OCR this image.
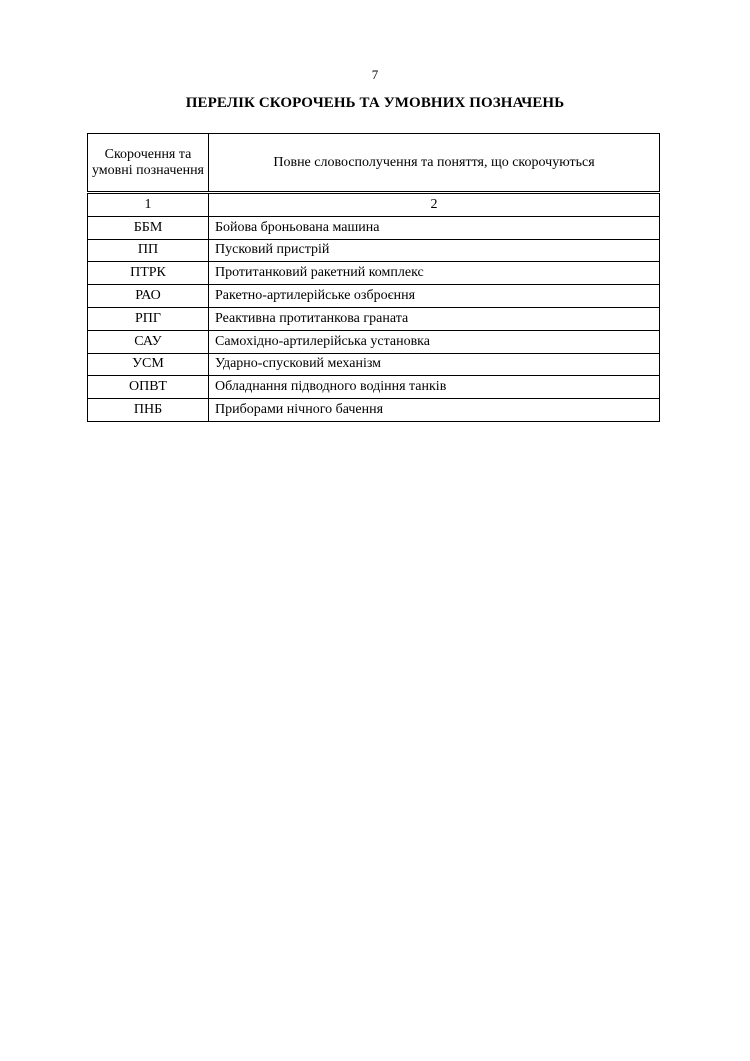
7
ПЕРЕЛІК СКОРОЧЕНЬ ТА УМОВНИХ ПОЗНАЧЕНЬ
Скорочення та умовні позначення	Повне словосполучення та поняття, що скорочуються
1	2
ББМ	Бойова броньована машина
ПП	Пусковий пристрій
ПТРК	Протитанковий ракетний комплекс
РАО	Ракетно-артилерійське озброєння
РПГ	Реактивна протитанкова граната
САУ	Самохідно-артилерійська установка
УСМ	Ударно-спусковий механізм
ОПВТ	Обладнання підводного водіння танків
ПНБ	Приборами нічного бачення
